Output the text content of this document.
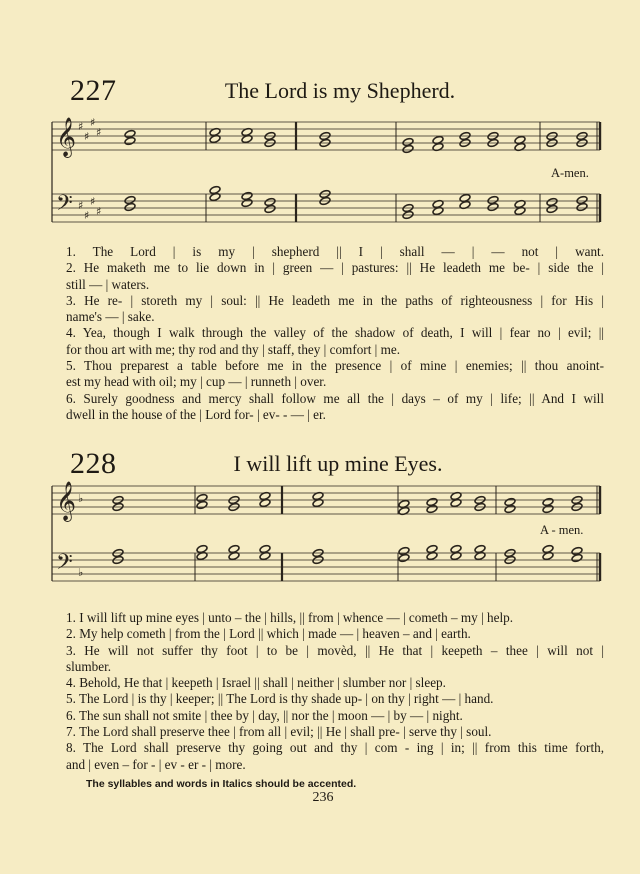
227	The Lord is my Shepherd.
228	I will lift up mine Eyes.
𝄞
𝄢
♯
♯
♯
♯
♯
♯
♯
♯
𝄞
𝄢
♭
♭
A-men.
A - men.

1. The Lord | is my | shepherd || I | shall — | — not | want.

2. He maketh me to lie down in | green — | pastures: || He leadeth me be- | side the |

still — | waters.

3. He re- | storeth my | soul: || He leadeth me in the paths of righteousness | for His |

name's — | sake.

4. Yea, though I walk through the valley of the shadow of death, I will | fear no | evil; ||

for thou art with me; thy rod and thy | staff, they | comfort | me.

5. Thou preparest a table before me in the presence | of mine | enemies; || thou anoint-

est my head with oil; my | cup — | runneth | over.

6. Surely goodness and mercy shall follow me all the | days – of my | life; || And I will

dwell in the house of the | Lord for- | ev- - — | er.

1. I will lift up mine eyes | unto – the | hills, || from | whence — | cometh – my | help.

2. My help cometh | from the | Lord || which | made — | heaven – and | earth.

3. He will not suffer thy foot | to be | movèd, || He that | keepeth – thee | will not |

slumber.

4. Behold, He that | keepeth | Israel || shall | neither | slumber nor | sleep.

5. The Lord | is thy | keeper; || The Lord is thy shade up- | on thy | right — | hand.

6. The sun shall not smite | thee by | day, || nor the | moon — | by — | night.

7. The Lord shall preserve thee | from all | evil; || He | shall pre- | serve thy | soul.

8. The Lord shall preserve thy going out and thy | com - ing | in; || from this time forth,

and | even – for - | ev - er - | more.

The syllables and words in Italics should be accented.
236
